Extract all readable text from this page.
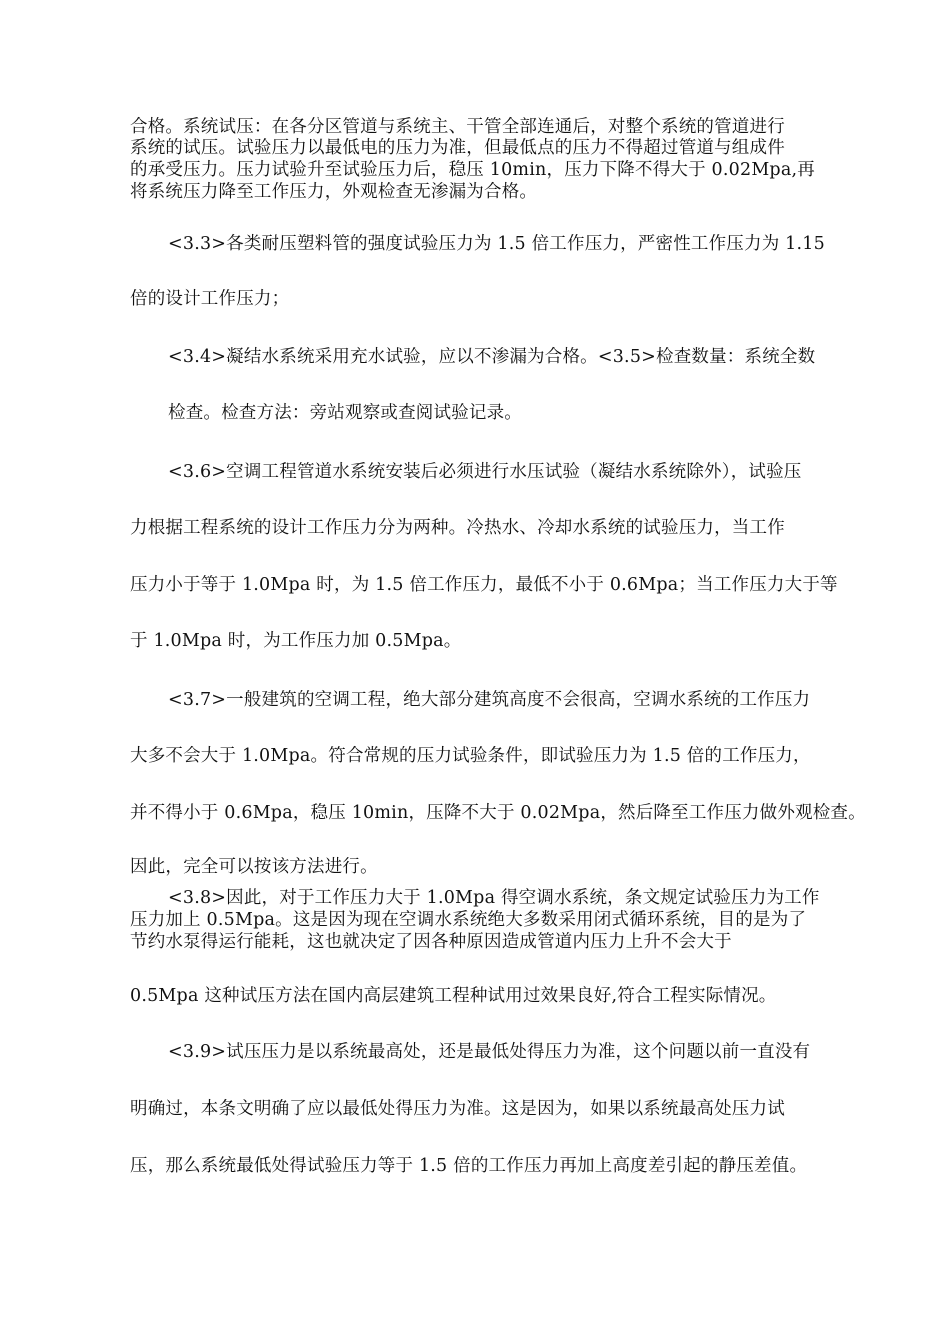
合格。系统试压：在各分区管道与系统主、干管全部连通后，对整个系统的管道进行
系统的试压。试验压力以最低电的压力为准，但最低点的压力不得超过管道与组成件
的承受压力。压力试验升至试验压力后，稳压 10min，压力下降不得大于 0.02Mpa,再
将系统压力降至工作压力，外观检查无渗漏为合格。
<3.3>各类耐压塑料管的强度试验压力为 1.5 倍工作压力，严密性工作压力为 1.15
倍的设计工作压力；
<3.4>凝结水系统采用充水试验，应以不渗漏为合格。<3.5>检查数量：系统全数
检查。检查方法：旁站观察或查阅试验记录。
<3.6>空调工程管道水系统安装后必须进行水压试验（凝结水系统除外），试验压
力根据工程系统的设计工作压力分为两种。冷热水、冷却水系统的试验压力，当工作
压力小于等于 1.0Mpa 时，为 1.5 倍工作压力，最低不小于 0.6Mpa；当工作压力大于等
于 1.0Mpa 时，为工作压力加 0.5Mpa。
<3.7>一般建筑的空调工程，绝大部分建筑高度不会很高，空调水系统的工作压力
大多不会大于 1.0Mpa。符合常规的压力试验条件，即试验压力为 1.5 倍的工作压力，
并不得小于 0.6Mpa，稳压 10min，压降不大于 0.02Mpa，然后降至工作压力做外观检查。
因此，完全可以按该方法进行。
<3.8>因此，对于工作压力大于 1.0Mpa 得空调水系统，条文规定试验压力为工作
压力加上 0.5Mpa。这是因为现在空调水系统绝大多数采用闭式循环系统，目的是为了
节约水泵得运行能耗，这也就决定了因各种原因造成管道内压力上升不会大于
0.5Mpa 这种试压方法在国内高层建筑工程种试用过效果良好,符合工程实际情况。
<3.9>试压压力是以系统最高处，还是最低处得压力为准，这个问题以前一直没有
明确过，本条文明确了应以最低处得压力为准。这是因为，如果以系统最高处压力试
压，那么系统最低处得试验压力等于 1.5 倍的工作压力再加上高度差引起的静压差值。
